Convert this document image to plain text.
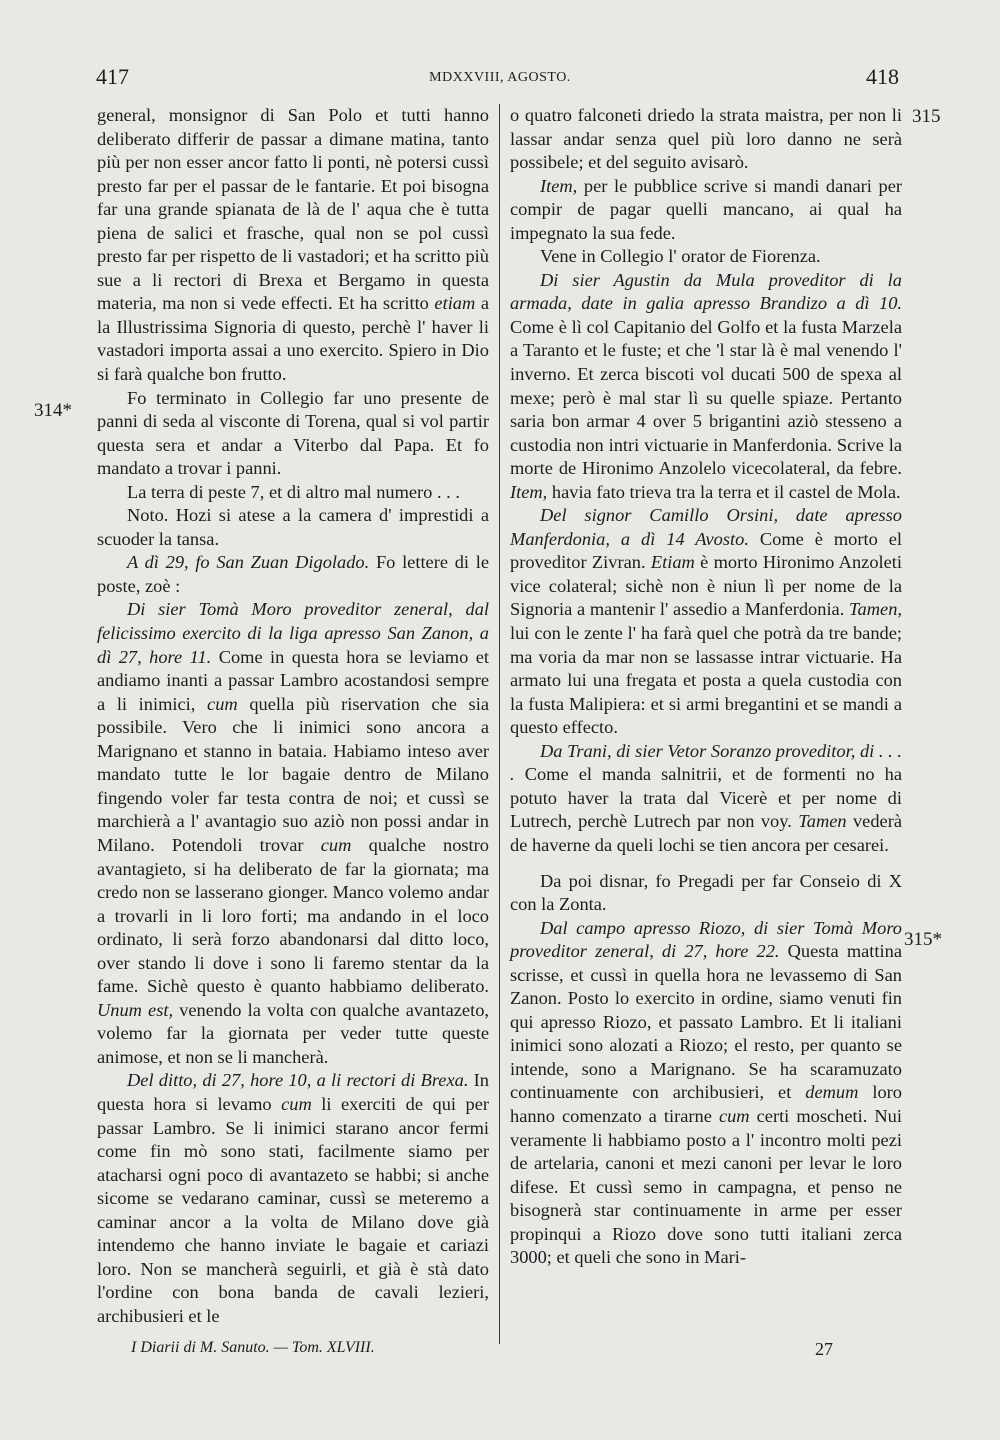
417	MDXXVIII, AGOSTO.	418
314*
315
315*

general, monsignor di San Polo et tutti hanno deliberato differir de passar a dimane matina, tanto più per non esser ancor fatto li ponti, nè potersi cussì presto far per el passar de le fantarie. Et poi bisogna far una grande spianata de là de l' aqua che è tutta piena de salici et frasche, qual non se pol cussì presto far per rispetto de li vastadori; et ha scritto più sue a li rectori di Brexa et Bergamo in questa materia, ma non si vede effecti. Et ha scritto etiam a la Illustrissima Signoria di questo, perchè l' haver li vastadori importa assai a uno exercito. Spiero in Dio si farà qualche bon frutto.

Fo terminato in Collegio far uno presente de panni di seda al visconte di Torena, qual si vol partir questa sera et andar a Viterbo dal Papa. Et fo mandato a trovar i panni.

La terra di peste 7, et di altro mal numero . . .

Noto. Hozi si atese a la camera d' imprestidi a scuoder la tansa.

A dì 29, fo San Zuan Digolado. Fo lettere di le poste, zoè :

Di sier Tomà Moro proveditor zeneral, dal felicissimo exercito di la liga apresso San Zanon, a dì 27, hore 11. Come in questa hora se leviamo et andiamo inanti a passar Lambro acostandosi sempre a li inimici, cum quella più riservation che sia possibile. Vero che li inimici sono ancora a Marignano et stanno in bataia. Habiamo inteso aver mandato tutte le lor bagaie dentro de Milano fingendo voler far testa contra de noi; et cussì se marchierà a l' avantagio suo aziò non possi andar in Milano. Potendoli trovar cum qualche nostro avantagieto, si ha deliberato de far la giornata; ma credo non se lasserano gionger. Manco volemo andar a trovarli in li loro forti; ma andando in el loco ordinato, li serà forzo abandonarsi dal ditto loco, over stando li dove i sono li faremo stentar da la fame. Sichè questo è quanto habbiamo deliberato. Unum est, venendo la volta con qualche avantazeto, volemo far la giornata per veder tutte queste animose, et non se li mancherà.

Del ditto, di 27, hore 10, a li rectori di Brexa. In questa hora si levamo cum li exerciti de qui per passar Lambro. Se li inimici starano ancor fermi come fin mò sono stati, facilmente siamo per atacharsi ogni poco di avantazeto se habbi; si anche sicome se vedarano caminar, cussì se meteremo a caminar ancor a la volta de Milano dove già intendemo che hanno inviate le bagaie et cariazi loro. Non se mancherà seguirli, et già è stà dato l'ordine con bona banda de cavali lezieri, archibusieri et le

o quatro falconeti driedo la strata maistra, per non li lassar andar senza quel più loro danno ne serà possibele; et del seguito avisarò.

Item, per le pubblice scrive si mandi danari per compir de pagar quelli mancano, ai qual ha impegnato la sua fede.

Vene in Collegio l' orator de Fiorenza.

Di sier Agustin da Mula proveditor di la armada, date in galia apresso Brandizo a dì 10. Come è lì col Capitanio del Golfo et la fusta Marzela a Taranto et le fuste; et che 'l star là è mal venendo l' inverno. Et zerca biscoti vol ducati 500 de spexa al mexe; però è mal star lì su quelle spiaze. Pertanto saria bon armar 4 over 5 brigantini aziò stesseno a custodia non intri victuarie in Manferdonia. Scrive la morte de Hironimo Anzolelo vicecolateral, da febre. Item, havia fato trieva tra la terra et il castel de Mola.

Del signor Camillo Orsini, date apresso Manferdonia, a dì 14 Avosto. Come è morto el proveditor Zivran. Etiam è morto Hironimo Anzoleti vice colateral; sichè non è niun lì per nome de la Signoria a mantenir l' assedio a Manferdonia. Tamen, lui con le zente l' ha farà quel che potrà da tre bande; ma voria da mar non se lassasse intrar victuarie. Ha armato lui una fregata et posta a quela custodia con la fusta Malipiera: et si armi bregantini et se mandi a questo effecto.

Da Trani, di sier Vetor Soranzo proveditor, di . . . . Come el manda salnitrii, et de formenti no ha potuto haver la trata dal Vicerè et per nome di Lutrech, perchè Lutrech par non voy. Tamen vederà de haverne da queli lochi se tien ancora per cesarei.

Da poi disnar, fo Pregadi per far Conseio di X con la Zonta.

Dal campo apresso Riozo, di sier Tomà Moro proveditor zeneral, di 27, hore 22. Questa mattina scrisse, et cussì in quella hora ne levassemo di San Zanon. Posto lo exercito in ordine, siamo venuti fin qui apresso Riozo, et passato Lambro. Et li italiani inimici sono alozati a Riozo; el resto, per quanto se intende, sono a Marignano. Se ha scaramuzato continuamente con archibusieri, et demum loro hanno comenzato a tirarne cum certi moscheti. Nui veramente li habbiamo posto a l' incontro molti pezi de artelaria, canoni et mezi canoni per levar le loro difese. Et cussì semo in campagna, et penso ne bisognerà star continuamente in arme per esser propinqui a Riozo dove sono tutti italiani zerca 3000; et queli che sono in Mari-

I Diarii di M. Sanuto. — Tom. XLVIII.	27
